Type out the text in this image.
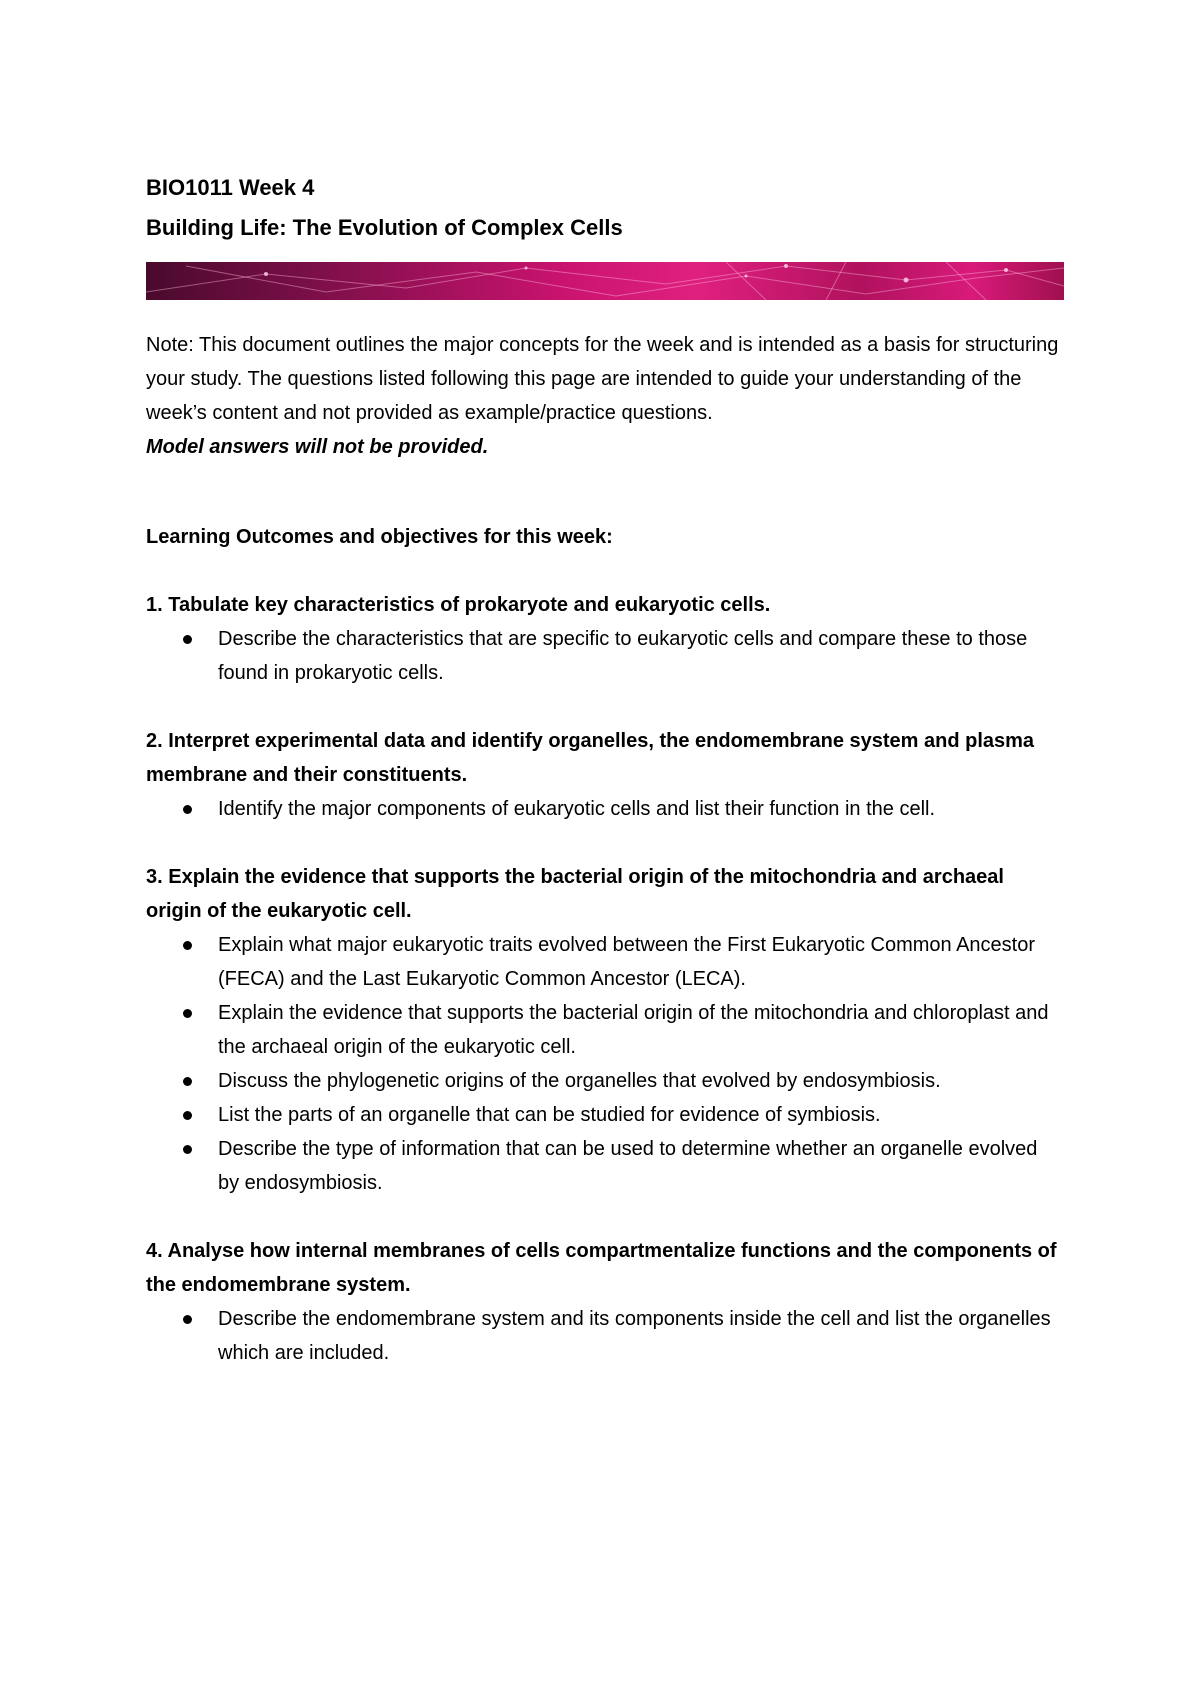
BIO1011 Week 4

Building Life: The Evolution of Complex Cells

Note: This document outlines the major concepts for the week and is intended as a basis for structuring your study. The questions listed following this page are intended to guide your understanding of the week’s content and not provided as example/practice questions.
Model answers will not be provided.
Learning Outcomes and objectives for this week:

1. Tabulate key characteristics of prokaryote and eukaryotic cells.

Describe the characteristics that are specific to eukaryotic cells and compare these to those found in prokaryotic cells.

2. Interpret experimental data and identify organelles, the endomembrane system and plasma membrane and their constituents.

Identify the major components of eukaryotic cells and list their function in the cell.

3. Explain the evidence that supports the bacterial origin of the mitochondria and archaeal origin of the eukaryotic cell.

Explain what major eukaryotic traits evolved between the First Eukaryotic Common Ancestor (FECA) and the Last Eukaryotic Common Ancestor (LECA).
Explain the evidence that supports the bacterial origin of the mitochondria and chloroplast and the archaeal origin of the eukaryotic cell.
Discuss the phylogenetic origins of the organelles that evolved by endosymbiosis.
List the parts of an organelle that can be studied for evidence of symbiosis.
Describe the type of information that can be used to determine whether an organelle evolved by endosymbiosis.

4. Analyse how internal membranes of cells compartmentalize functions and the components of the endomembrane system.

Describe the endomembrane system and its components inside the cell and list the organelles which are included.
